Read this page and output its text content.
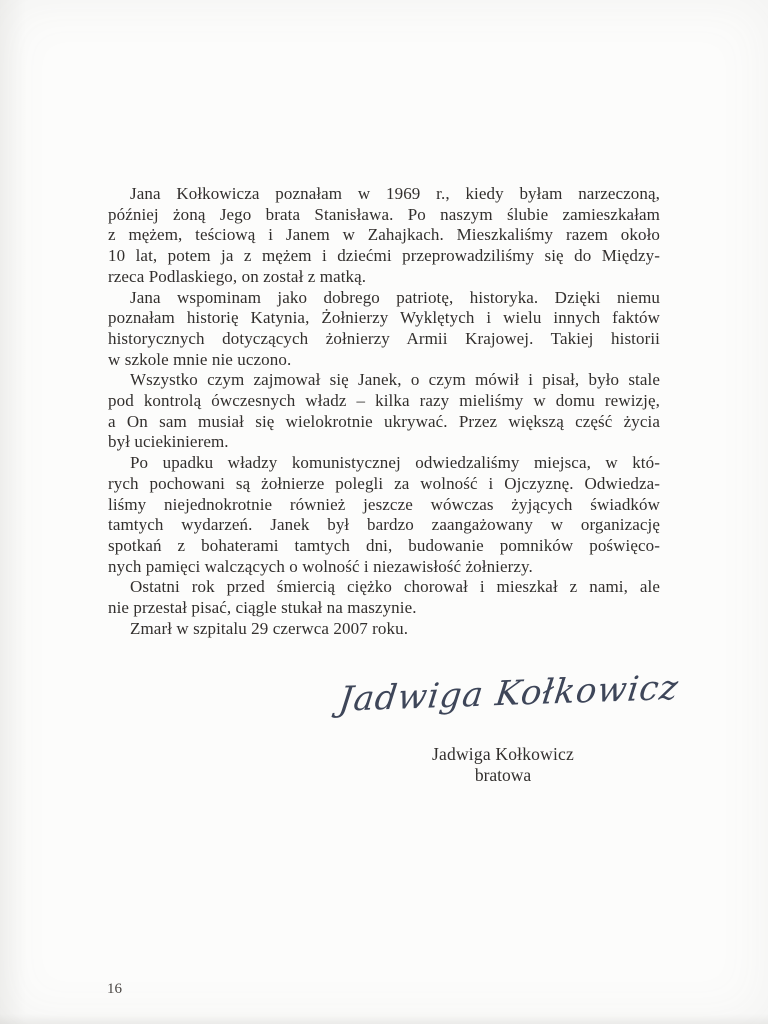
Jana Kołkowicza poznałam w 1969 r., kiedy byłam narzeczoną,
później żoną Jego brata Stanisława. Po naszym ślubie zamieszkałam
z mężem, teściową i Janem w Zahajkach. Mieszkaliśmy razem około
10 lat, potem ja z mężem i dziećmi przeprowadziliśmy się do Między-
rzeca Podlaskiego, on został z matką.
Jana wspominam jako dobrego patriotę, historyka. Dzięki niemu
poznałam historię Katynia, Żołnierzy Wyklętych i wielu innych faktów
historycznych dotyczących żołnierzy Armii Krajowej. Takiej historii
w szkole mnie nie uczono.
Wszystko czym zajmował się Janek, o czym mówił i pisał, było stale
pod kontrolą ówczesnych władz – kilka razy mieliśmy w domu rewizję,
a On sam musiał się wielokrotnie ukrywać. Przez większą część życia
był uciekinierem.
Po upadku władzy komunistycznej odwiedzaliśmy miejsca, w któ-
rych pochowani są żołnierze polegli za wolność i Ojczyznę. Odwiedza-
liśmy niejednokrotnie również jeszcze wówczas żyjących świadków
tamtych wydarzeń. Janek był bardzo zaangażowany w organizację
spotkań z bohaterami tamtych dni, budowanie pomników poświęco-
nych pamięci walczących o wolność i niezawisłość żołnierzy.
Ostatni rok przed śmiercią ciężko chorował i mieszkał z nami, ale
nie przestał pisać, ciągle stukał na maszynie.
Zmarł w szpitalu 29 czerwca 2007 roku.
Jadwiga Kołkowicz
Jadwiga Kołkowicz
bratowa
16
